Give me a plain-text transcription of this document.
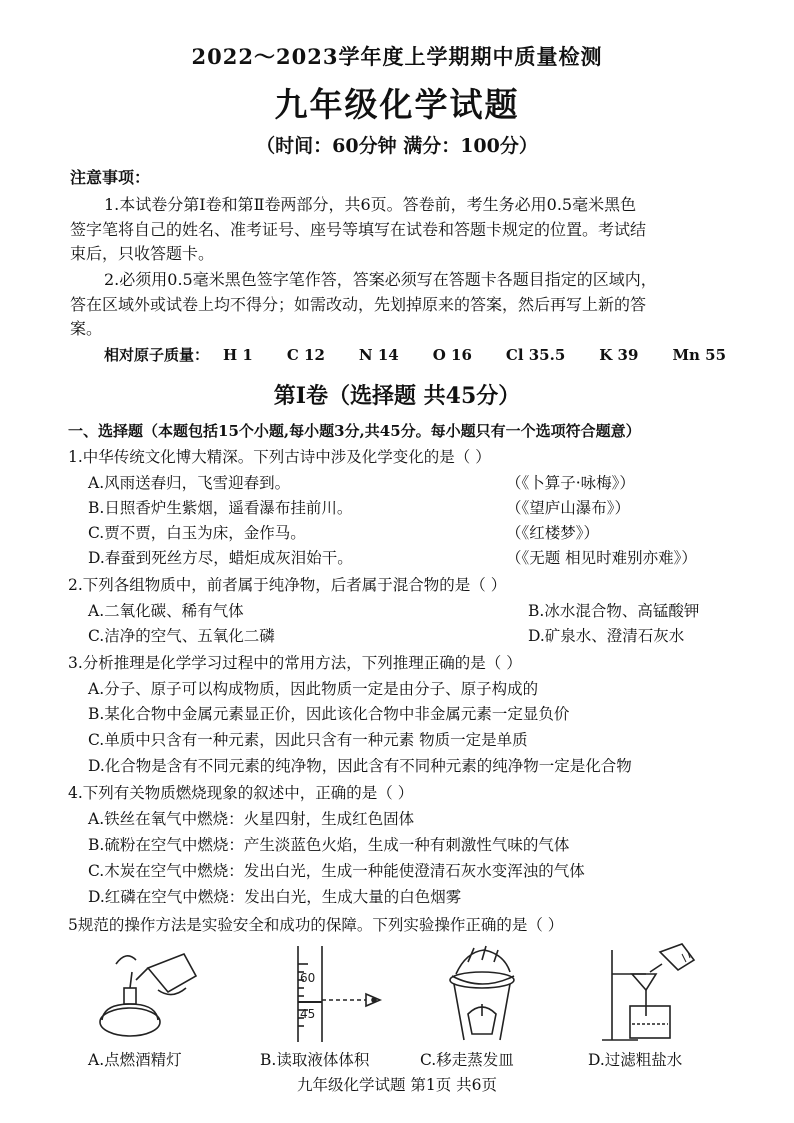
2022～2023学年度上学期期中质量检测
九年级化学试题
（时间：60分钟 满分：100分）
注意事项：
1.本试卷分第Ⅰ卷和第Ⅱ卷两部分，共6页。答卷前，考生务必用0.5毫米黑色
签字笔将自己的姓名、准考证号、座号等填写在试卷和答题卡规定的位置。考试结
束后，只收答题卡。
2.必须用0.5毫米黑色签字笔作答，答案必须写在答题卡各题目指定的区域内，
答在区域外或试卷上均不得分；如需改动，先划掉原来的答案，然后再写上新的答
案。
相对原子质量： H 1 C 12 N 14 O 16 Cl 35.5 K 39 Mn 55
第Ⅰ卷（选择题 共45分）
一、选择题（本题包括15个小题,每小题3分,共45分。每小题只有一个选项符合题意）
1.中华传统文化博大精深。下列古诗中涉及化学变化的是（ ）
A.风雨送春归，飞雪迎春到。	（《卜算子·咏梅》）
B.日照香炉生紫烟，遥看瀑布挂前川。	（《望庐山瀑布》）
C.贾不贾，白玉为床，金作马。	（《红楼梦》）
D.春蚕到死丝方尽，蜡炬成灰泪始干。	（《无题 相见时难别亦难》）
2.下列各组物质中，前者属于纯净物，后者属于混合物的是（ ）
A.二氧化碳、稀有气体	B.冰水混合物、高锰酸钾
C.洁净的空气、五氧化二磷	D.矿泉水、澄清石灰水
3.分析推理是化学学习过程中的常用方法，下列推理正确的是（ ）
A.分子、原子可以构成物质，因此物质一定是由分子、原子构成的
B.某化合物中金属元素显正价，因此该化合物中非金属元素一定显负价
C.单质中只含有一种元素，因此只含有一种元素 物质一定是单质
D.化合物是含有不同元素的纯净物，因此含有不同种元素的纯净物一定是化合物
4.下列有关物质燃烧现象的叙述中，正确的是（ ）
A.铁丝在氧气中燃烧：火星四射，生成红色固体
B.硫粉在空气中燃烧：产生淡蓝色火焰，生成一种有刺激性气味的气体
C.木炭在空气中燃烧：发出白光，生成一种能使澄清石灰水变浑浊的气体
D.红磷在空气中燃烧：发出白光，生成大量的白色烟雾
5规范的操作方法是实验安全和成功的保障。下列实验操作正确的是（ ）
60
45
A.点燃酒精灯	B.读取液体体积	C.移走蒸发皿	D.过滤粗盐水
九年级化学试题 第1页 共6页
